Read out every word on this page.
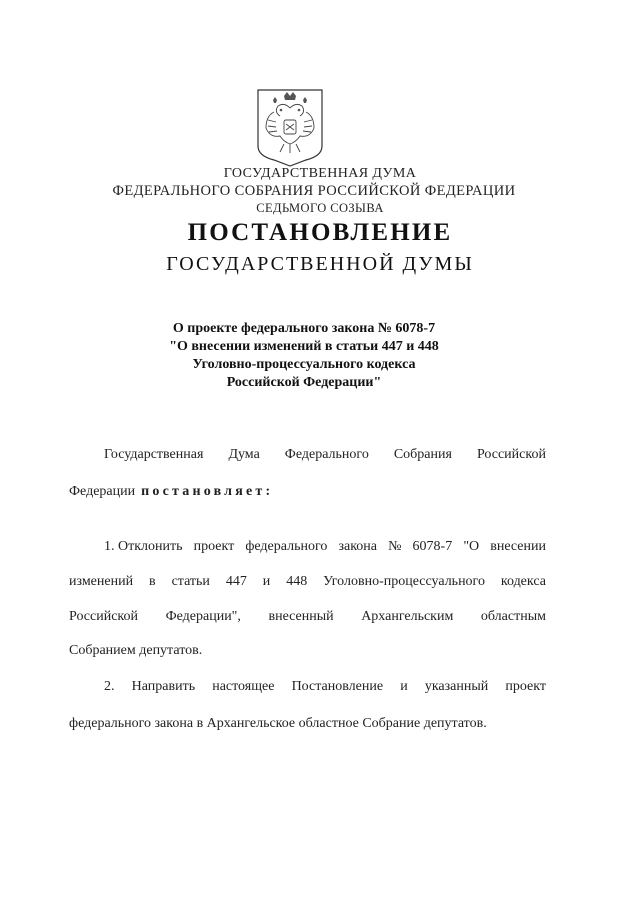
ГОСУДАРСТВЕННАЯ ДУМА
ФЕДЕРАЛЬНОГО СОБРАНИЯ РОССИЙСКОЙ ФЕДЕРАЦИИ
СЕДЬМОГО СОЗЫВА
ПОСТАНОВЛЕНИЕ
ГОСУДАРСТВЕННОЙ ДУМЫ
О проекте федерального закона № 6078-7
"О внесении изменений в статьи 447 и 448
Уголовно-процессуального кодекса
Российской Федерации"
Государственная Дума Федерального Собрания Российской
Федерации постановляет:
1. Отклонить проект федерального закона № 6078-7 "О внесении
изменений в статьи 447 и 448 Уголовно-процессуального кодекса
Российской Федерации", внесенный Архангельским областным
Собранием депутатов.
2. Направить настоящее Постановление и указанный проект
федерального закона в Архангельское областное Собрание депутатов.
